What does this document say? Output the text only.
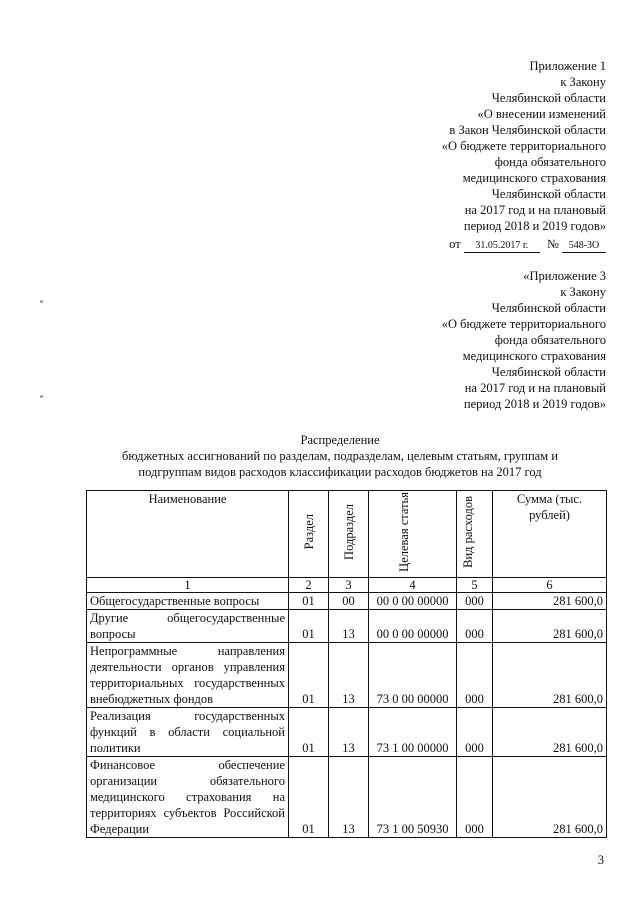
Приложение 1
к Закону
Челябинской области
«О внесении изменений
в Закон Челябинской области
«О бюджете территориального
фонда обязательного
медицинского страхования
Челябинской области
на 2017 год и на плановый
период 2018 и 2019 годов»
от 31.05.2017 г. № 548-ЗО
«Приложение 3
к Закону
Челябинской области
«О бюджете территориального
фонда обязательного
медицинского страхования
Челябинской области
на 2017 год и на плановый
период 2018 и 2019 годов»
Распределение
бюджетных ассигнований по разделам, подразделам, целевым статьям, группам и
подгруппам видов расходов классификации расходов бюджетов на 2017 год
Наименование	Раздел	Подраздел	Целевая статья	Вид расходов	Сумма (тыс. рублей)
1	2	3	4	5	6
Общегосударственные вопросы	01	00	00 0 00 00000	000	281 600,0
Другие общегосударственные вопросы	01	13	00 0 00 00000	000	281 600,0
Непрограммные направления деятельности органов управления территориальных государственных внебюджетных фондов	01	13	73 0 00 00000	000	281 600,0
Реализация государственных функций в области социальной политики	01	13	73 1 00 00000	000	281 600,0
Финансовое обеспечение организации обязательного медицинского страхования на территориях субъектов Российской Федерации	01	13	73 1 00 50930	000	281 600,0
3
